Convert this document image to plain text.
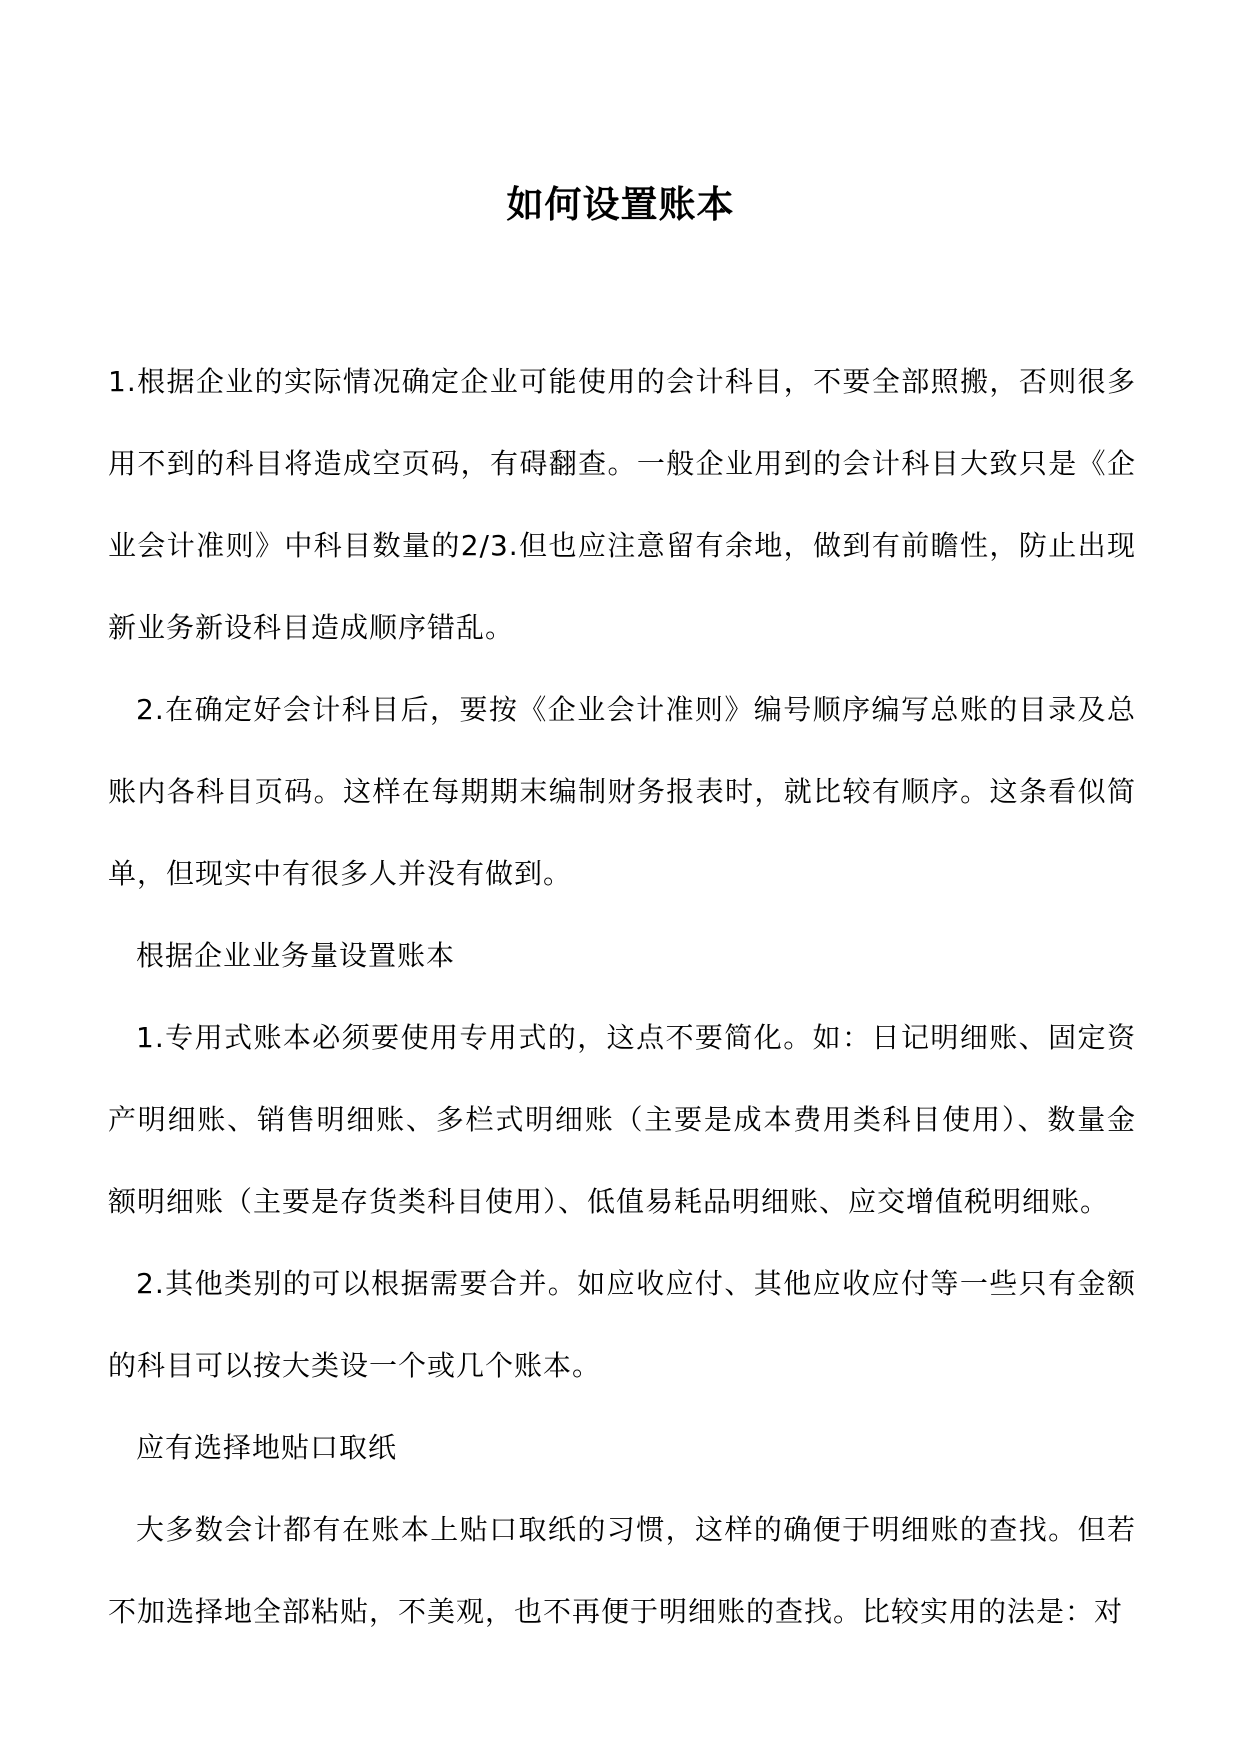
如何设置账本

1.根据企业的实际情况确定企业可能使用的会计科目，不要全部照搬，否则很多用不到的科目将造成空页码，有碍翻查。一般企业用到的会计科目大致只是《企业会计准则》中科目数量的2/3.但也应注意留有余地，做到有前瞻性，防止出现新业务新设科目造成顺序错乱。

2.在确定好会计科目后，要按《企业会计准则》编号顺序编写总账的目录及总账内各科目页码。这样在每期期末编制财务报表时，就比较有顺序。这条看似简单，但现实中有很多人并没有做到。

根据企业业务量设置账本

1.专用式账本必须要使用专用式的，这点不要简化。如：日记明细账、固定资产明细账、销售明细账、多栏式明细账（主要是成本费用类科目使用）、数量金额明细账（主要是存货类科目使用）、低值易耗品明细账、应交增值税明细账。

2.其他类别的可以根据需要合并。如应收应付、其他应收应付等一些只有金额的科目可以按大类设一个或几个账本。

应有选择地贴口取纸

大多数会计都有在账本上贴口取纸的习惯，这样的确便于明细账的查找。但若不加选择地全部粘贴，不美观，也不再便于明细账的查找。比较实用的法是：对
